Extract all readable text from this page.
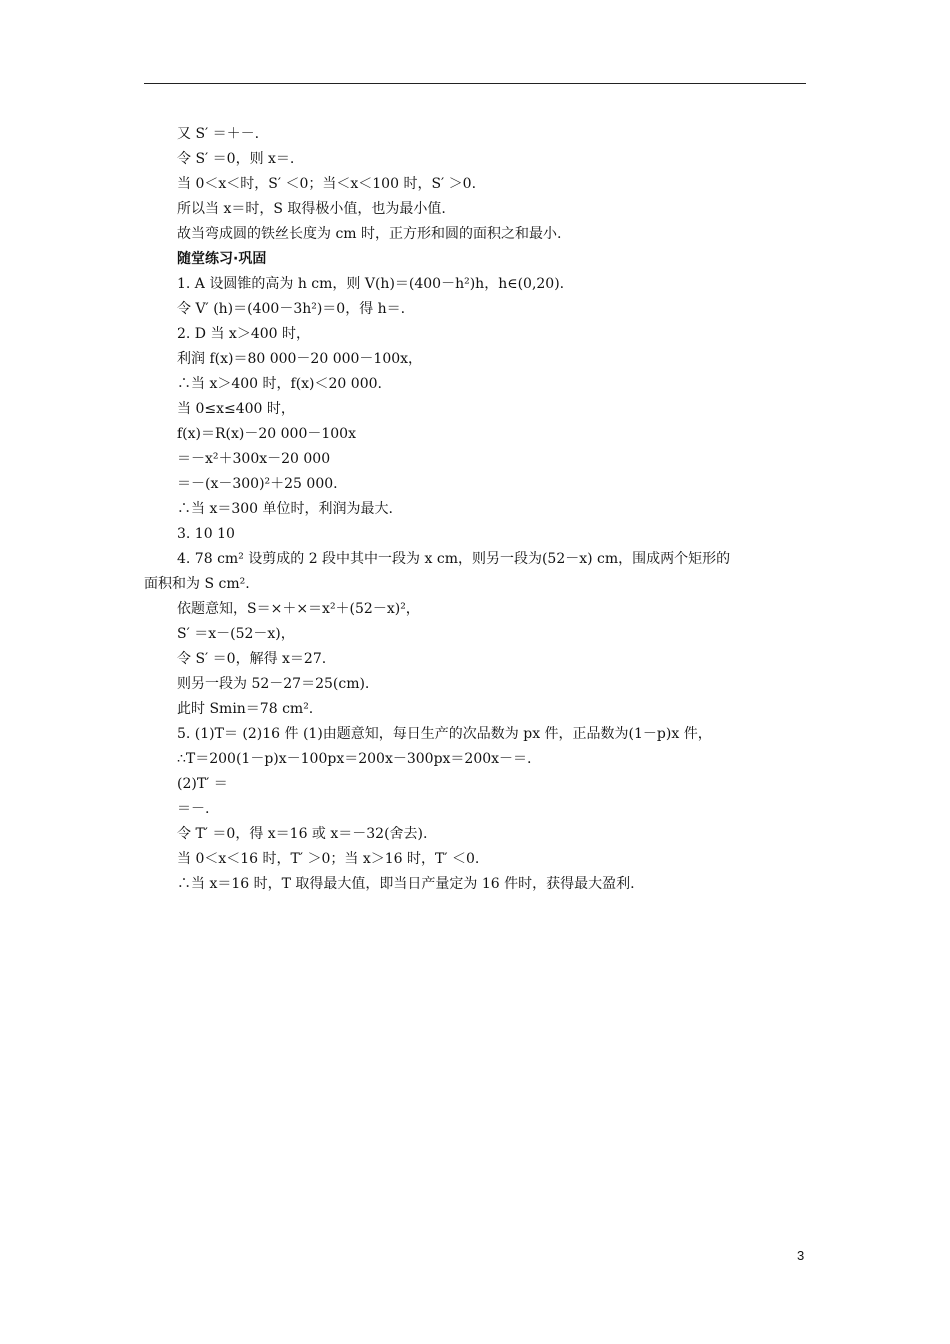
又 S′ ＝＋－.
令 S′ ＝0，则 x＝.
当 0＜x＜时，S′ ＜0；当＜x＜100 时，S′ ＞0.
所以当 x＝时，S 取得极小值，也为最小值.
故当弯成圆的铁丝长度为 cm 时，正方形和圆的面积之和最小.
随堂练习·巩固
1. A 设圆锥的高为 h cm，则 V(h)＝(400－h²)h，h∈(0,20).
令 V′ (h)＝(400－3h²)＝0，得 h＝.
2. D 当 x＞400 时，
利润 f(x)＝80 000－20 000－100x，
∴当 x＞400 时，f(x)＜20 000.
当 0≤x≤400 时，
f(x)＝R(x)－20 000－100x
＝－x²＋300x－20 000
＝－(x－300)²＋25 000.
∴当 x＝300 单位时，利润为最大.
3. 10 10
4. 78 cm² 设剪成的 2 段中其中一段为 x cm，则另一段为(52－x) cm，围成两个矩形的
面积和为 S cm².
依题意知，S＝×＋×＝x²＋(52－x)²，
S′ ＝x－(52－x)，
令 S′ ＝0，解得 x＝27.
则另一段为 52－27＝25(cm).
此时 Smin＝78 cm².
5. (1)T＝ (2)16 件 (1)由题意知，每日生产的次品数为 px 件，正品数为(1－p)x 件，
∴T＝200(1－p)x－100px＝200x－300px＝200x－＝.
(2)T′ ＝
＝－.
令 T′ ＝0，得 x＝16 或 x＝－32(舍去).
当 0＜x＜16 时，T′ ＞0；当 x＞16 时，T′ ＜0.
∴当 x＝16 时，T 取得最大值，即当日产量定为 16 件时，获得最大盈利.
3
